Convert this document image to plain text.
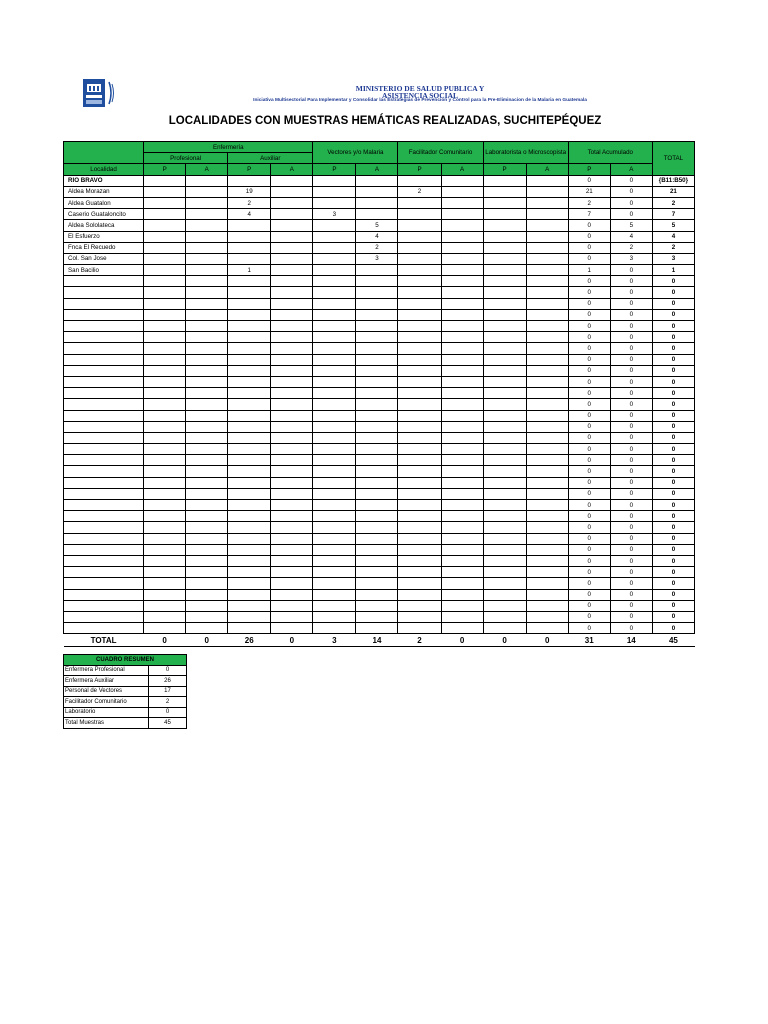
MINISTERIO DE SALUD PUBLICA Y
ASISTENCIA SOCIAL
Iniciativa Multisectorial Para Implementar y Consolidar las Estrategias de Prevencion y Control para la Pre-Eliminacion de la Malaria en Guatemala
LOCALIDADES CON MUESTRAS HEMÁTICAS REALIZADAS, SUCHITEPÉQUEZ
	Enfermería				Vectores y/o Malaria		Facilitador Comunitario		Laboratorista o Microscopista		Total Acumulado		TOTAL
	Profesional		Auxiliar										
Localidad	P	A	P	A	P	A	P	A	P	A	P	A	
RIO BRAVO											0	0	{B11:B50}
Aldea Morazan			19				2				21	0	21
Aldea Guatalon			2								2	0	2
Caserio Guataloncito			4		3						7	0	7
Aldea Sololateca						5					0	5	5
El Esfuerzo						4					0	4	4
Fnca El Recuedo						2					0	2	2
Col. San Jose						3					0	3	3
San Bacilio			1								1	0	1
											0	0	0
											0	0	0
											0	0	0
											0	0	0
											0	0	0
											0	0	0
											0	0	0
											0	0	0
											0	0	0
											0	0	0
											0	0	0
											0	0	0
											0	0	0
											0	0	0
											0	0	0
											0	0	0
											0	0	0
											0	0	0
											0	0	0
											0	0	0
											0	0	0
											0	0	0
											0	0	0
											0	0	0
											0	0	0
											0	0	0
											0	0	0
											0	0	0
											0	0	0
											0	0	0
											0	0	0
											0	0	0
TOTAL	0	0	26	0	3	14	2	0	0	0	31	14	45
CUADRO RESUMEN	
Enfermera Profesional	0
Enfermera Auxiliar	26
Personal de Vectores	17
Facilitador Comunitario	2
Laboratorio	0
Total Muestras	45
